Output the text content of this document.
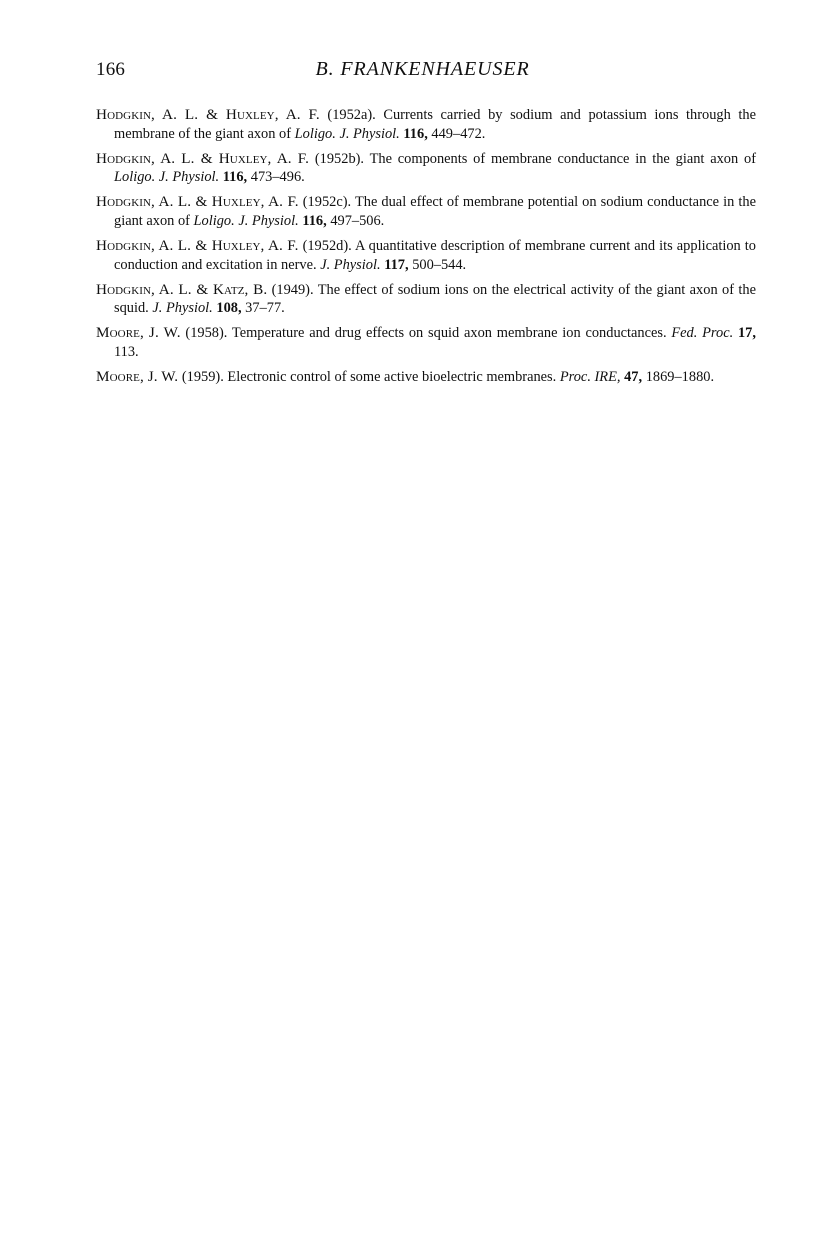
166	B. FRANKENHAEUSER
Hodgkin, A. L. & Huxley, A. F. (1952a). Currents carried by sodium and potassium ions through the membrane of the giant axon of Loligo. J. Physiol. 116, 449–472.
Hodgkin, A. L. & Huxley, A. F. (1952b). The components of membrane conductance in the giant axon of Loligo. J. Physiol. 116, 473–496.
Hodgkin, A. L. & Huxley, A. F. (1952c). The dual effect of membrane potential on sodium conductance in the giant axon of Loligo. J. Physiol. 116, 497–506.
Hodgkin, A. L. & Huxley, A. F. (1952d). A quantitative description of membrane current and its application to conduction and excitation in nerve. J. Physiol. 117, 500–544.
Hodgkin, A. L. & Katz, B. (1949). The effect of sodium ions on the electrical activity of the giant axon of the squid. J. Physiol. 108, 37–77.
Moore, J. W. (1958). Temperature and drug effects on squid axon membrane ion conductances. Fed. Proc. 17, 113.
Moore, J. W. (1959). Electronic control of some active bioelectric membranes. Proc. IRE, 47, 1869–1880.
